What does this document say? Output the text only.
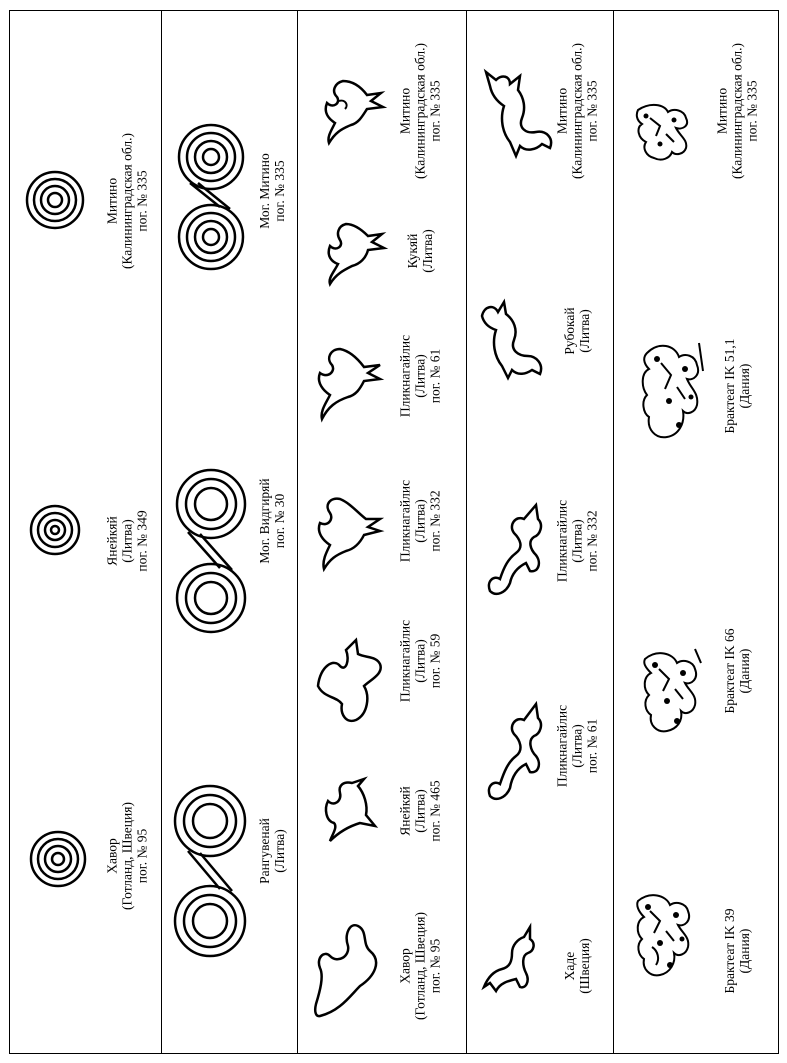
Хавор (Готланд, Швеция) пог. № 95
Янейкяй (Литва) пог. № 349
Митино (Калининградская обл.) пог. № 335
Рангувенай (Литва)
Мог. Видгиряй пог. № 30
Мог. Митино пог. № 335
Хавор (Готланд, Швеция) пог. № 95
Янейкяй (Литва) пог. № 465
Пликнагайлис (Литва) пог. № 59
Пликнагайлис (Литва) пог. № 332
Пликнагайлис (Литва) пог. № 61
Кукяй (Литва)
Митино (Калининградская обл.) пог. № 335
Хаде (Швеция)
Пликнагайлис (Литва) пог. № 61
Пликнагайлис (Литва) пог. № 332
Рубокай (Литва)
Митино (Калининградская обл.) пог. № 335
Брактеат IK 39 (Дания)
Брактеат IK 66 (Дания)
Брактеат IK 51,1 (Дания)
Митино (Калининградская обл.) пог. № 335
